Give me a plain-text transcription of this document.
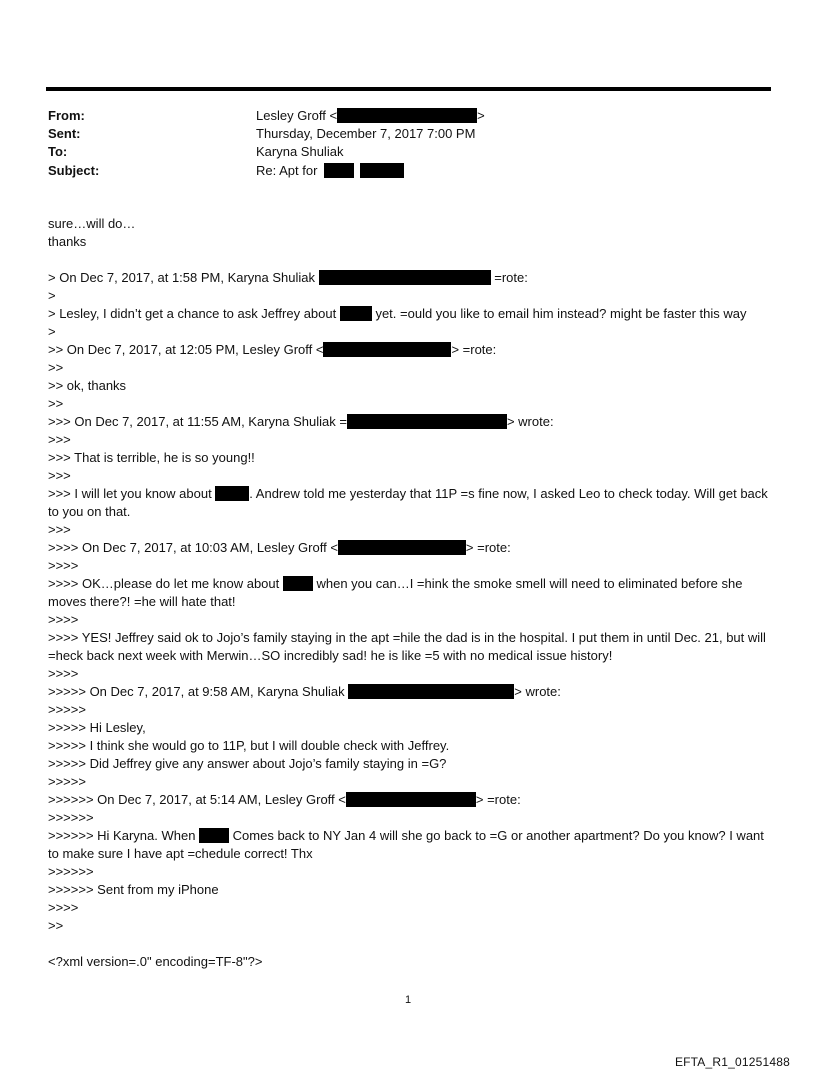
From:	Lesley Groff <	>
Sent:	Thursday, December 7, 2017 7:00 PM
To:	Karyna Shuliak
Subject:	Re: Apt for
sure…will do…
thanks
> On Dec 7, 2017, at 1:58 PM, Karyna Shuliak	=rote:
>
> Lesley, I didn’t get a chance to ask Jeffrey about  yet. =ould you like to email him instead? might be faster this way
>
>> On Dec 7, 2017, at 12:05 PM, Lesley Groff <	> =rote:
>>
>> ok, thanks
>>
>>> On Dec 7, 2017, at 11:55 AM, Karyna Shuliak =	> wrote:
>>>
>>> That is terrible, he is so young!!
>>>
>>> I will let you know about	. Andrew told me yesterday that 11P =s fine now, I asked Leo to check today. Will get back to you on that.
>>>
>>>> On Dec 7, 2017, at 10:03 AM, Lesley Groff <	> =rote:
>>>>
>>>> OK…please do let me know about  when you can…I =hink the smoke smell will need to eliminated before she moves there?! =he will hate that!
>>>>
>>>> YES! Jeffrey said ok to Jojo’s family staying in the apt =hile the dad is in the hospital. I put them in until Dec. 21, but will =heck back next week with Merwin…SO incredibly sad! he is like =5 with no medical issue history!
>>>>
>>>>> On Dec 7, 2017, at 9:58 AM, Karyna Shuliak	> wrote:
>>>>>
>>>>> Hi Lesley,
>>>>> I think she would go to 11P, but I will double check with Jeffrey.
>>>>> Did Jeffrey give any answer about Jojo’s family staying in =G?
>>>>>
>>>>>> On Dec 7, 2017, at 5:14 AM, Lesley Groff <	> =rote:
>>>>>>
>>>>>> Hi Karyna. When  Comes back to NY Jan 4 will she go back to =G or another apartment? Do you know? I want to make sure I have apt =chedule correct! Thx
>>>>>>
>>>>>> Sent from my iPhone
>>>>
>>
<?xml version=.0" encoding=TF-8"?>
1
EFTA_R1_01251488
